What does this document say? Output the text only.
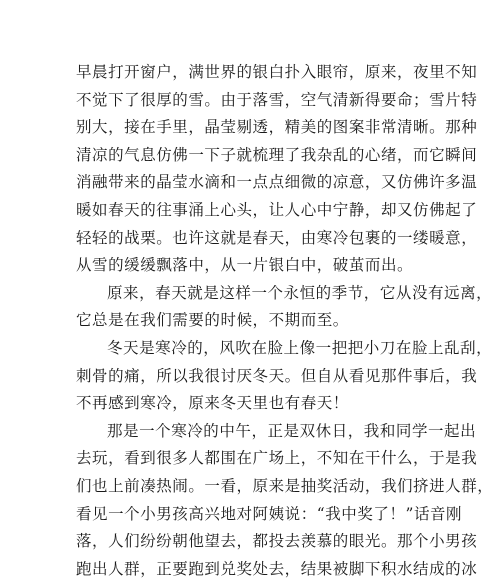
早晨打开窗户，满世界的银白扑入眼帘，原来，夜里不知
不觉下了很厚的雪。由于落雪，空气清新得要命；雪片特
别大，接在手里，晶莹剔透，精美的图案非常清晰。那种
清凉的气息仿佛一下子就梳理了我杂乱的心绪，而它瞬间
消融带来的晶莹水滴和一点点细微的凉意，又仿佛许多温
暖如春天的往事涌上心头，让人心中宁静，却又仿佛起了
轻轻的战栗。也许这就是春天，由寒冷包裹的一缕暖意，
从雪的缓缓飘落中，从一片银白中，破茧而出。
原来，春天就是这样一个永恒的季节，它从没有远离，
它总是在我们需要的时候，不期而至。
冬天是寒冷的，风吹在脸上像一把把小刀在脸上乱刮，
刺骨的痛，所以我很讨厌冬天。但自从看见那件事后，我
不再感到寒冷，原来冬天里也有春天！
那是一个寒冷的中午，正是双休日，我和同学一起出
去玩，看到很多人都围在广场上，不知在干什么，于是我
们也上前凑热闹。一看，原来是抽奖活动，我们挤进人群，
看见一个小男孩高兴地对阿姨说：“我中奖了！”话音刚
落，人们纷纷朝他望去，都投去羡慕的眼光。那个小男孩
跑出人群，正要跑到兑奖处去，结果被脚下积水结成的冰
